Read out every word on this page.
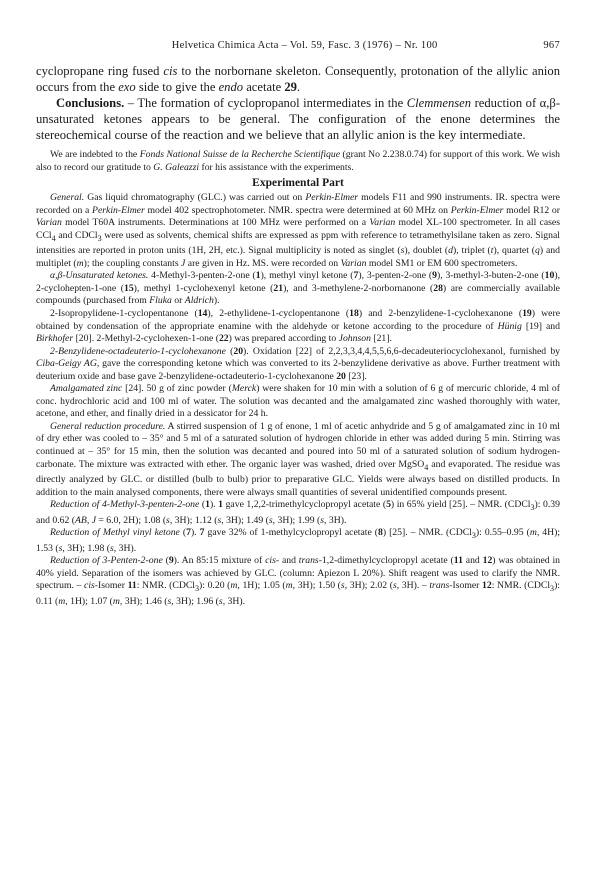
Helvetica Chimica Acta – Vol. 59, Fasc. 3 (1976) – Nr. 100	967

cyclopropane ring fused cis to the norbornane skeleton. Consequently, protonation of the allylic anion occurs from the exo side to give the endo acetate 29.

Conclusions. – The formation of cyclopropanol intermediates in the Clemmensen reduction of α,β-unsaturated ketones appears to be general. The configuration of the enone determines the stereochemical course of the reaction and we believe that an allylic anion is the key intermediate.

We are indebted to the Fonds National Suisse de la Recherche Scientifique (grant No 2.238.0.74) for support of this work. We wish also to record our gratitude to G. Galeazzi for his assistance with the experiments.

Experimental Part

General. Gas liquid chromatography (GLC.) was carried out on Perkin-Elmer models F11 and 990 instruments. IR. spectra were recorded on a Perkin-Elmer model 402 spectrophotometer. NMR. spectra were determined at 60 MHz on Perkin-Elmer model R12 or Varian model T60A instruments. Determinations at 100 MHz were performed on a Varian model XL-100 spectrometer. In all cases CCl$_4$ and CDCl$_3$ were used as solvents, chemical shifts are expressed as ppm with reference to tetramethylsilane taken as zero. Signal intensities are reported in proton units (1H, 2H, etc.). Signal multiplicity is noted as singlet (s), doublet (d), triplet (t), quartet (q) and multiplet (m); the coupling constants J are given in Hz. MS. were recorded on Varian model SM1 or EM 600 spectrometers.

α,β-Unsaturated ketones. 4-Methyl-3-penten-2-one (1), methyl vinyl ketone (7), 3-penten-2-one (9), 3-methyl-3-buten-2-one (10), 2-cyclohepten-1-one (15), methyl 1-cyclohexenyl ketone (21), and 3-methylene-2-norbornanone (28) are commercially available compounds (purchased from Fluka or Aldrich).

2-Isopropylidene-1-cyclopentanone (14), 2-ethylidene-1-cyclopentanone (18) and 2-benzylidene-1-cyclohexanone (19) were obtained by condensation of the appropriate enamine with the aldehyde or ketone according to the procedure of Hünig [19] and Birkhofer [20]. 2-Methyl-2-cyclohexen-1-one (22) was prepared according to Johnson [21].

2-Benzylidene-octadeuterio-1-cyclohexanone (20). Oxidation [22] of 2,2,3,3,4,4,5,5,6,6-decadeuteriocyclohexanol, furnished by Ciba-Geigy AG, gave the corresponding ketone which was converted to its 2-benzylidene derivative as above. Further treatment with deuterium oxide and base gave 2-benzylidene-octadeuterio-1-cyclohexanone 20 [23].

Amalgamated zinc [24]. 50 g of zinc powder (Merck) were shaken for 10 min with a solution of 6 g of mercuric chloride, 4 ml of conc. hydrochloric acid and 100 ml of water. The solution was decanted and the amalgamated zinc washed thoroughly with water, acetone, and ether, and finally dried in a dessicator for 24 h.

General reduction procedure. A stirred suspension of 1 g of enone, 1 ml of acetic anhydride and 5 g of amalgamated zinc in 10 ml of dry ether was cooled to – 35° and 5 ml of a saturated solution of hydrogen chloride in ether was added during 5 min. Stirring was continued at – 35° for 15 min, then the solution was decanted and poured into 50 ml of a saturated solution of sodium hydrogencarbonate. The mixture was extracted with ether. The organic layer was washed, dried over MgSO$_4$ and evaporated. The residue was directly analyzed by GLC. or distilled (bulb to bulb) prior to preparative GLC. Yields were always based on distilled products. In addition to the main analysed components, there were always small quantities of several unidentified compounds present.

Reduction of 4-Methyl-3-penten-2-one (1). 1 gave 1,2,2-trimethylcyclopropyl acetate (5) in 65% yield [25]. – NMR. (CDCl$_3$): 0.39 and 0.62 (AB, J = 6.0, 2H); 1.08 (s, 3H); 1.12 (s, 3H); 1.49 (s, 3H); 1.99 (s, 3H).

Reduction of Methyl vinyl ketone (7). 7 gave 32% of 1-methylcyclopropyl acetate (8) [25]. – NMR. (CDCl$_3$): 0.55–0.95 (m, 4H); 1.53 (s, 3H); 1.98 (s, 3H).

Reduction of 3-Penten-2-one (9). An 85:15 mixture of cis- and trans-1,2-dimethylcyclopropyl acetate (11 and 12) was obtained in 40% yield. Separation of the isomers was achieved by GLC. (column: Apiezon L 20%). Shift reagent was used to clarify the NMR. spectrum. – cis-Isomer 11: NMR. (CDCl$_3$): 0.20 (m, 1H); 1.05 (m, 3H); 1.50 (s, 3H); 2.02 (s, 3H). – trans-Isomer 12: NMR. (CDCl$_3$): 0.11 (m, 1H); 1.07 (m, 3H); 1.46 (s, 3H); 1.96 (s, 3H).
